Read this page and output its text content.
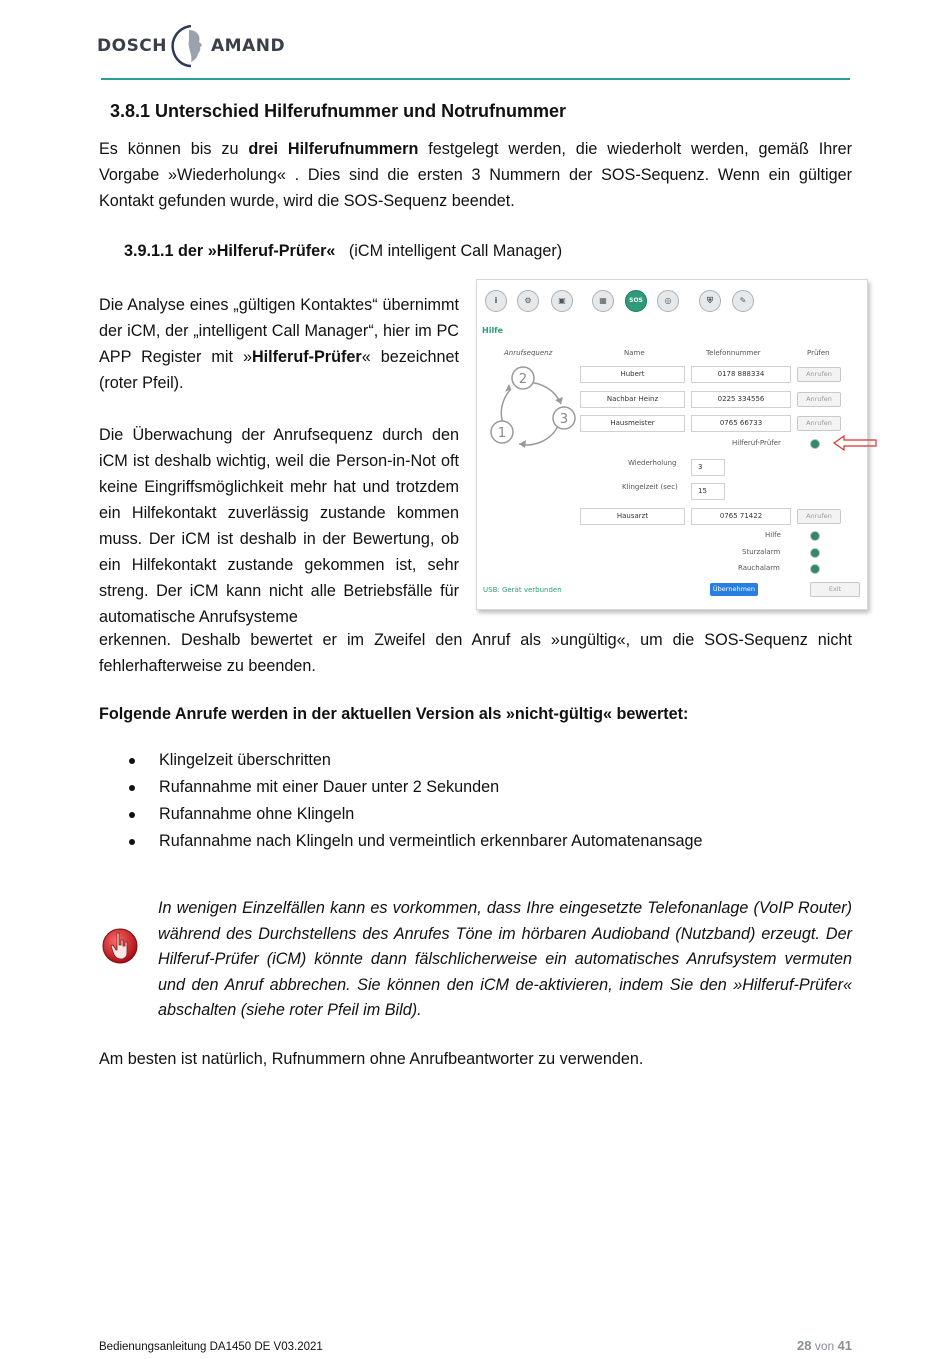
DOSCH	AMAND
3.8.1 Unterschied Hilferufnummer und Notrufnummer

Es können bis zu drei Hilferufnummern festgelegt werden, die wiederholt werden, gemäß Ihrer Vorgabe »Wiederholung« . Dies sind die ersten 3 Nummern der SOS-Sequenz. Wenn ein gültiger Kontakt gefunden wurde, wird die SOS-Sequenz beendet.

3.9.1.1 der »Hilferuf-Prüfer«   (iCM intelligent Call Manager)

Die Analyse eines „gültigen Kontaktes“ übernimmt der iCM, der „intelligent Call Manager“, hier im PC APP Register mit »Hilferuf-Prüfer« bezeichnet (roter Pfeil).

Die Überwachung der Anrufsequenz durch den iCM ist deshalb wichtig, weil die Person-in-Not oft keine Eingriffsmöglichkeit mehr hat und trotzdem ein Hilfekontakt zuverlässig zustande kommen muss. Der iCM ist deshalb in der Bewertung, ob ein Hilfekontakt zustande gekommen ist, sehr streng. Der iCM kann nicht alle Betriebsfälle für automatische Anrufsysteme

erkennen. Deshalb bewertet er im Zweifel den Anruf als »ungültig«, um die SOS-Sequenz nicht fehlerhafterweise zu beenden.

i	⚙	▣	▦	SOS	◎	⛨	✎
Hilfe
Anrufsequenz	Name	Telefonnummer	Prüfen
2
3
1
Hubert	0178 888334	Anrufen
Nachbar Heinz	0225 334556	Anrufen
Hausmeister	0765 66733	Anrufen
Hilferuf-Prüfer
Wiederholung	3
Klingelzeit (sec)	15
Hausarzt	0765 71422	Anrufen
Hilfe
Sturzalarm
Rauchalarm
USB: Gerät verbunden	Übernehmen	Exit
Folgende Anrufe werden in der aktuellen Version als »nicht-gültig« bewertet:
Klingelzeit überschritten
Rufannahme mit einer Dauer unter 2 Sekunden
Rufannahme ohne Klingeln
Rufannahme nach Klingeln und vermeintlich erkennbarer Automatenansage

In wenigen Einzelfällen kann es vorkommen, dass Ihre eingesetzte Telefonanlage (VoIP Router) während des Durchstellens des Anrufes Töne im hörbaren Audioband (Nutzband) erzeugt. Der Hilferuf-Prüfer (iCM) könnte dann fälschlicherweise ein automatisches Anrufsystem vermuten und den Anruf abbrechen. Sie können den iCM de-aktivieren, indem Sie den »Hilferuf-Prüfer« abschalten (siehe roter Pfeil im Bild).

Am besten ist natürlich, Rufnummern ohne Anrufbeantworter zu verwenden.
Bedienungsanleitung DA1450 DE V03.2021	28 von 41
